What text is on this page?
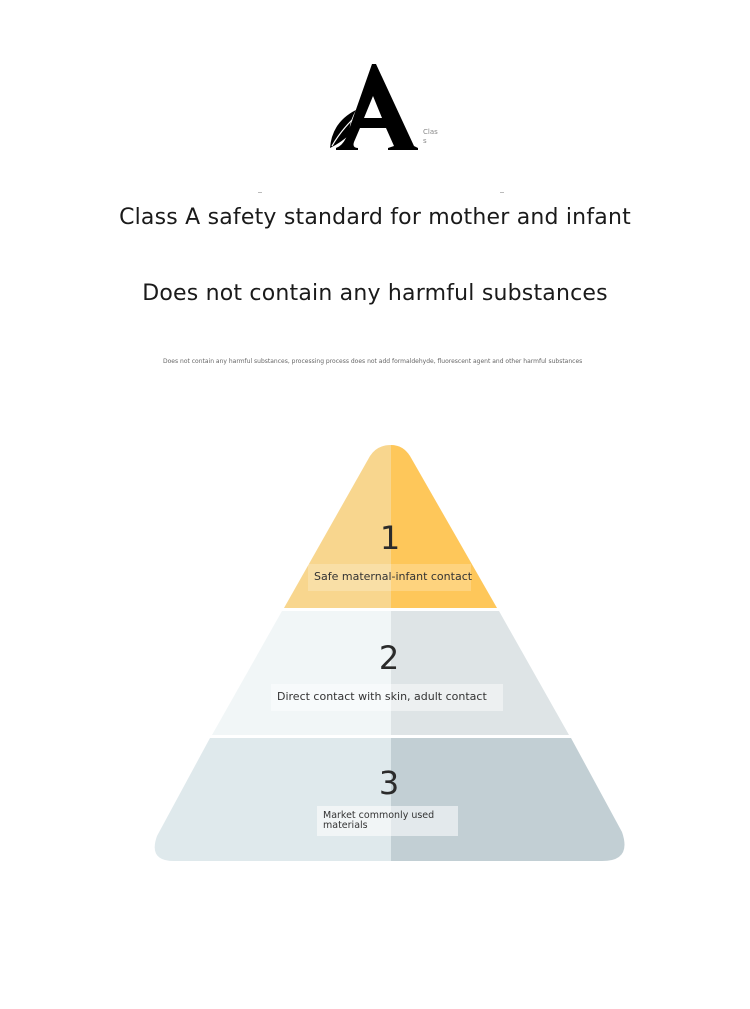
Clas
s
Class A safety standard for mother and infant
Does not contain any harmful substances
Does not contain any harmful substances, processing process does not add formaldehyde, fluorescent agent and other harmful substances
1
Safe maternal-infant contact
2
Direct contact with skin, adult contact
3
Market commonly used materials
